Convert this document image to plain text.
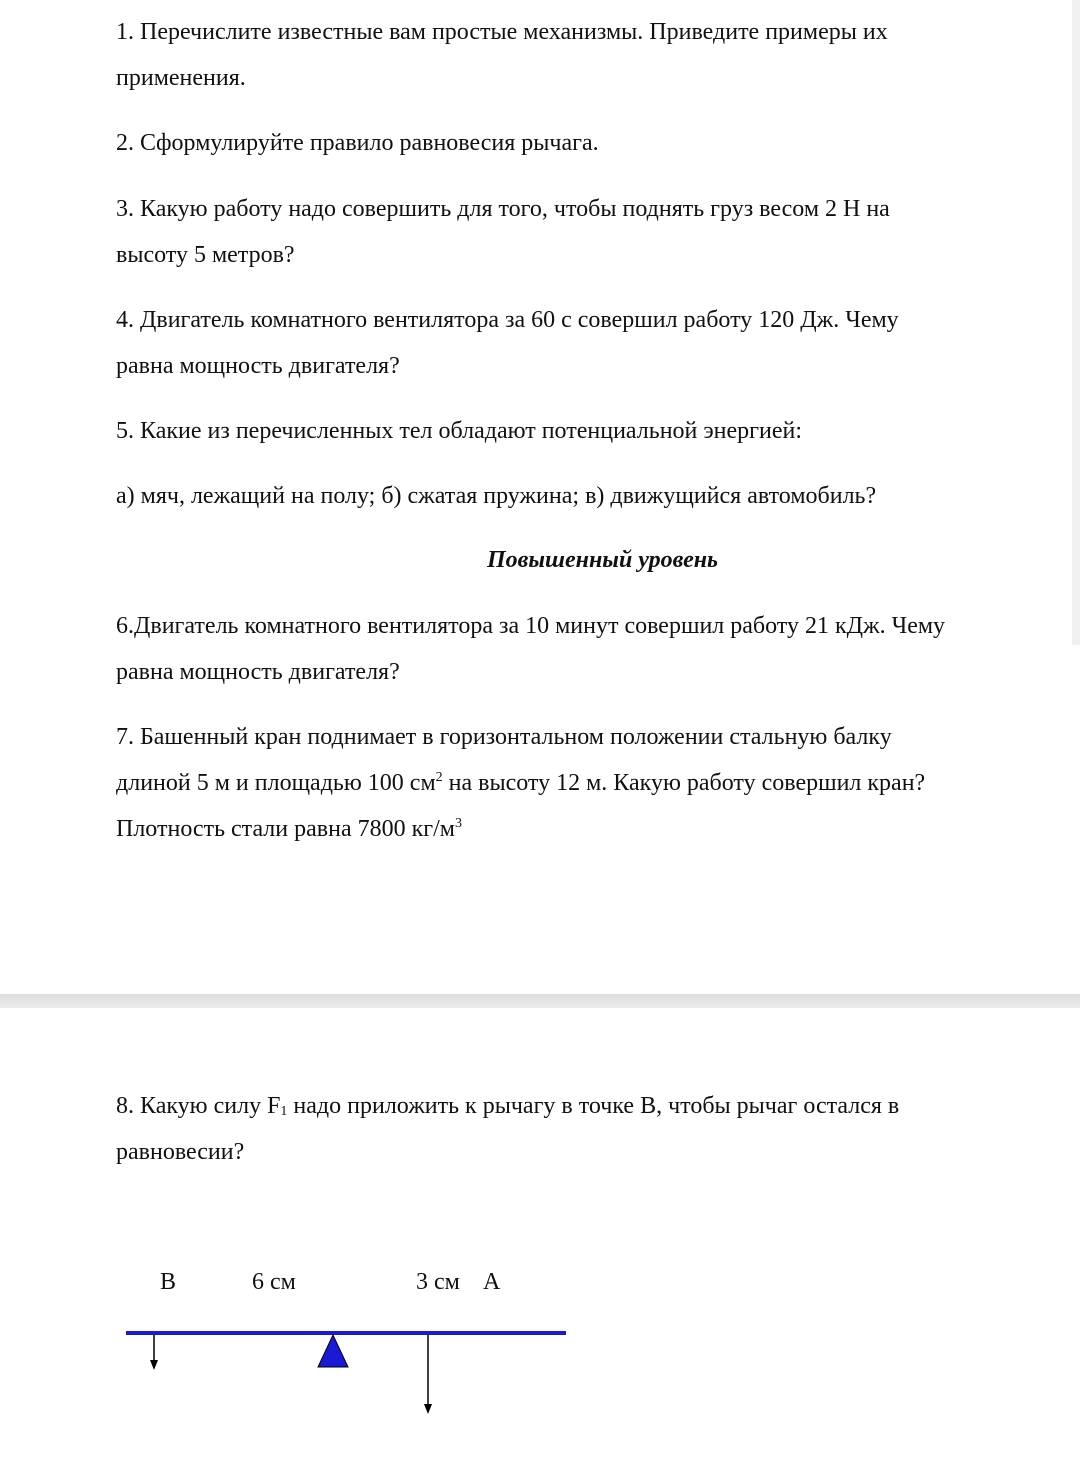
1. Перечислите известные вам простые механизмы. Приведите примеры их

применения.

2. Сформулируйте правило равновесия рычага.

3. Какую работу надо совершить для того, чтобы поднять груз весом 2 Н на

высоту 5 метров?

4. Двигатель комнатного вентилятора за 60 с совершил работу 120 Дж. Чему

равна мощность двигателя?

5. Какие из перечисленных тел обладают потенциальной энергией:

а) мяч, лежащий на полу; б) сжатая пружина; в) движущийся автомобиль?

Повышенный уровень

6.Двигатель комнатного вентилятора за 10 минут совершил работу 21 кДж. Чему

равна мощность двигателя?

7. Башенный кран поднимает в горизонтальном положении стальную балку

длиной 5 м и площадью 100 $см^2$ на высоту 12 м. Какую работу совершил кран?

Плотность стали равна 7800 $кг/м^3$

8. Какую силу $F_1$ надо приложить к рычагу в точке В, чтобы рычаг остался в

равновесии?

В	6 см	3 см А
